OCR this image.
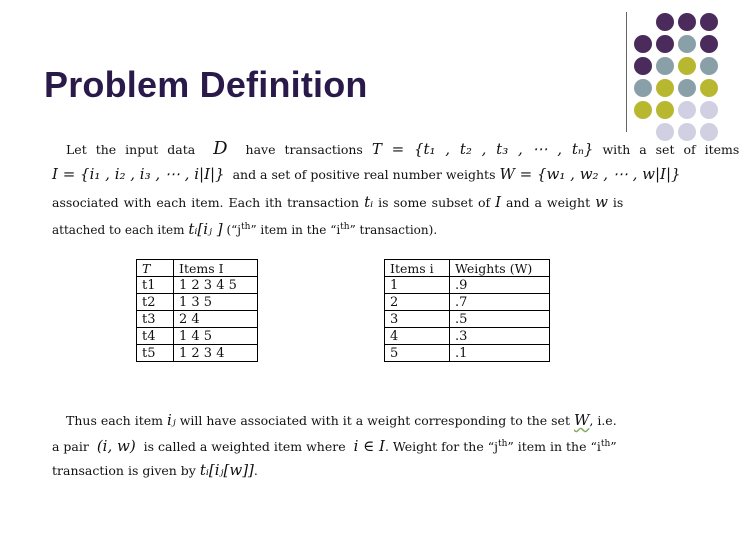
Problem Definition
Let the input data D have transactions T = {t₁ , t₂ , t₃ , ⋯ , tₙ} with a set of items
I = {i₁ , i₂ , i₃ , ⋯ , i|I|} and a set of positive real number weights W = {w₁ , w₂ , ⋯ , w|I|}
associated with each item. Each ith transaction tᵢ is some subset of I and a weight w is
attached to each item tᵢ[iⱼ ] (“$j^{th}$” item in the “$i^{th}$” transaction).
T	Items I
t1	1 2 3 4 5
t2	1 3 5
t3	2 4
t4	1 4 5
t5	1 2 3 4
Items i	Weights (W)
1	.9
2	.7
3	.5
4	.3
5	.1
Thus each item iⱼ will have associated with it a weight corresponding to the set W, i.e.
a pair (i, w) is called a weighted item where i ∈ I. Weight for the “$j^{th}$” item in the “$i^{th}$”
transaction is given by tᵢ[iⱼ[w]].
